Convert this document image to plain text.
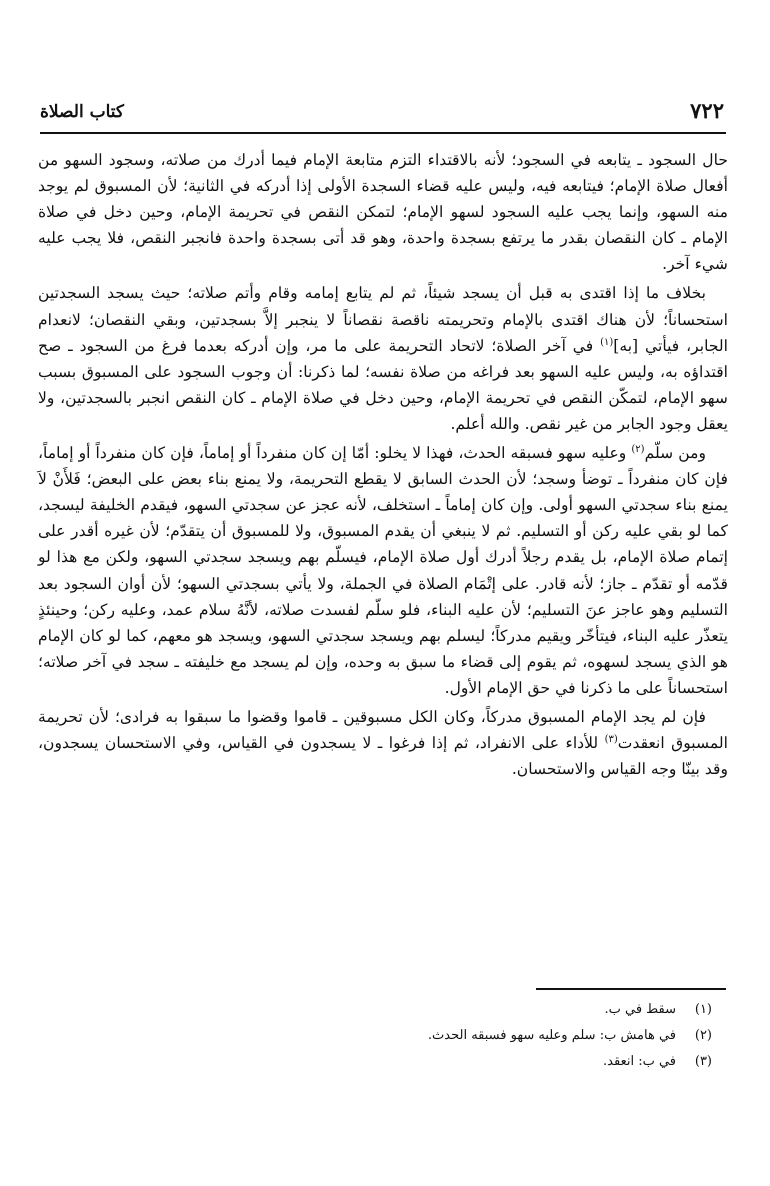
٧٢٢
كتاب الصلاة

حال السجود ـ يتابعه في السجود؛ لأنه بالاقتداء التزم متابعة الإمام فيما أدرك من صلاته، وسجود السهو من أفعال صلاة الإمام؛ فيتابعه فيه، وليس عليه قضاء السجدة الأولى إذا أدركه في الثانية؛ لأن المسبوق لم يوجد منه السهو، وإنما يجب عليه السجود لسهو الإمام؛ لتمكن النقص في تحريمة الإمام، وحين دخل في صلاة الإمام ـ كان النقصان بقدر ما يرتفع بسجدة واحدة، وهو قد أتى بسجدة واحدة فانجبر النقص، فلا يجب عليه شيء آخر.

بخلاف ما إذا اقتدى به قبل أن يسجد شيئاً، ثم لم يتابع إمامه وقام وأتم صلاته؛ حيث يسجد السجدتين استحساناً؛ لأن هناك اقتدى بالإمام وتحريمته ناقصة نقصاناً لا ينجبر إلاَّ بسجدتين، وبقي النقصان؛ لانعدام الجابر، فيأتي [به]$^{(١)}$ في آخر الصلاة؛ لاتحاد التحريمة على ما مر، وإن أدركه بعدما فرغ من السجود ـ صح اقتداؤه به، وليس عليه السهو بعد فراغه من صلاة نفسه؛ لما ذكرنا: أن وجوب السجود على المسبوق بسبب سهو الإمام، لتمكّن النقص في تحريمة الإمام، وحين دخل في صلاة الإمام ـ كان النقص انجبر بالسجدتين، ولا يعقل وجود الجابر من غير نقص. والله أعلم.

ومن سلّم$^{(٢)}$ وعليه سهو فسبقه الحدث، فهذا لا يخلو: أمّا إن كان منفرداً أو إماماً، فإن كان منفرداً أو إماماً، فإن كان منفرداً ـ توضأ وسجد؛ لأن الحدث السابق لا يقطع التحريمة، ولا يمنع بناء بعض على البعض؛ فَلأَنْ لاَ يمنع بناء سجدتي السهو أولى. وإن كان إماماً ـ استخلف، لأنه عجز عن سجدتي السهو، فيقدم الخليفة ليسجد، كما لو بقي عليه ركن أو التسليم. ثم لا ينبغي أن يقدم المسبوق، ولا للمسبوق أن يتقدّم؛ لأن غيره أقدر على إتمام صلاة الإمام، بل يقدم رجلاً أدرك أول صلاة الإمام، فيسلّم بهم ويسجد سجدتي السهو، ولكن مع هذا لو قدّمه أو تقدّم ـ جاز؛ لأنه قادر. على إتْمَام الصلاة في الجملة، ولا يأتي بسجدتي السهو؛ لأن أوان السجود بعد التسليم وهو عاجز عنَ التسليم؛ لأن عليه البناء، فلو سلّم لفسدت صلاته، لأنَّهُ سلام عمد، وعليه ركن؛ وحينئذٍ يتعذّر عليه البناء، فيتأخّر ويقيم مدركاً؛ ليسلم بهم ويسجد سجدتي السهو، ويسجد هو معهم، كما لو كان الإمام هو الذي يسجد لسهوه، ثم يقوم إلى قضاء ما سبق به وحده، وإن لم يسجد مع خليفته ـ سجد في آخر صلاته؛ استحساناً على ما ذكرنا في حق الإمام الأول.

فإن لم يجد الإمام المسبوق مدركاً، وكان الكل مسبوقين ـ قاموا وقضوا ما سبقوا به فرادى؛ لأن تحريمة المسبوق انعقدت$^{(٣)}$ للأداء على الانفراد، ثم إذا فرغوا ـ لا يسجدون في القياس، وفي الاستحسان يسجدون، وقد بينّا وجه القياس والاستحسان.

(١)
سقط في ب.
(٢)
في هامش ب: سلم وعليه سهو فسبقه الحدث.
(٣)
في ب: انعقد.
